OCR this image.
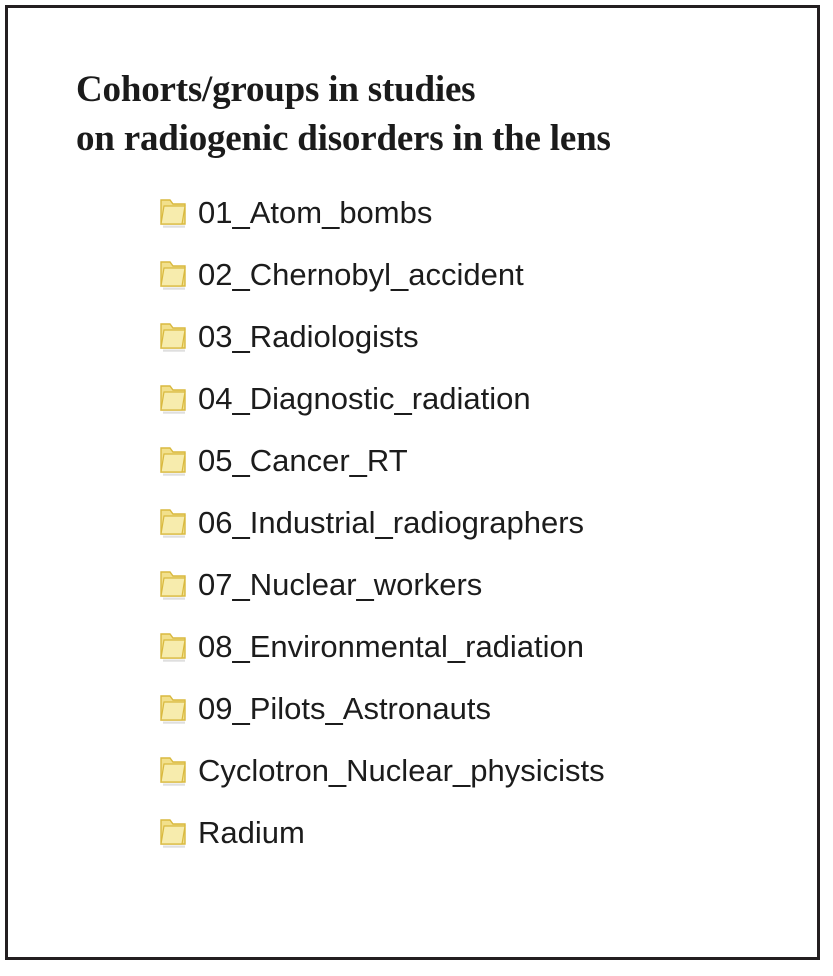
Cohorts/groups in studies
on radiogenic disorders in the lens
01_Atom_bombs
02_Chernobyl_accident
03_Radiologists
04_Diagnostic_radiation
05_Cancer_RT
06_Industrial_radiographers
07_Nuclear_workers
08_Environmental_radiation
09_Pilots_Astronauts
Cyclotron_Nuclear_physicists
Radium
